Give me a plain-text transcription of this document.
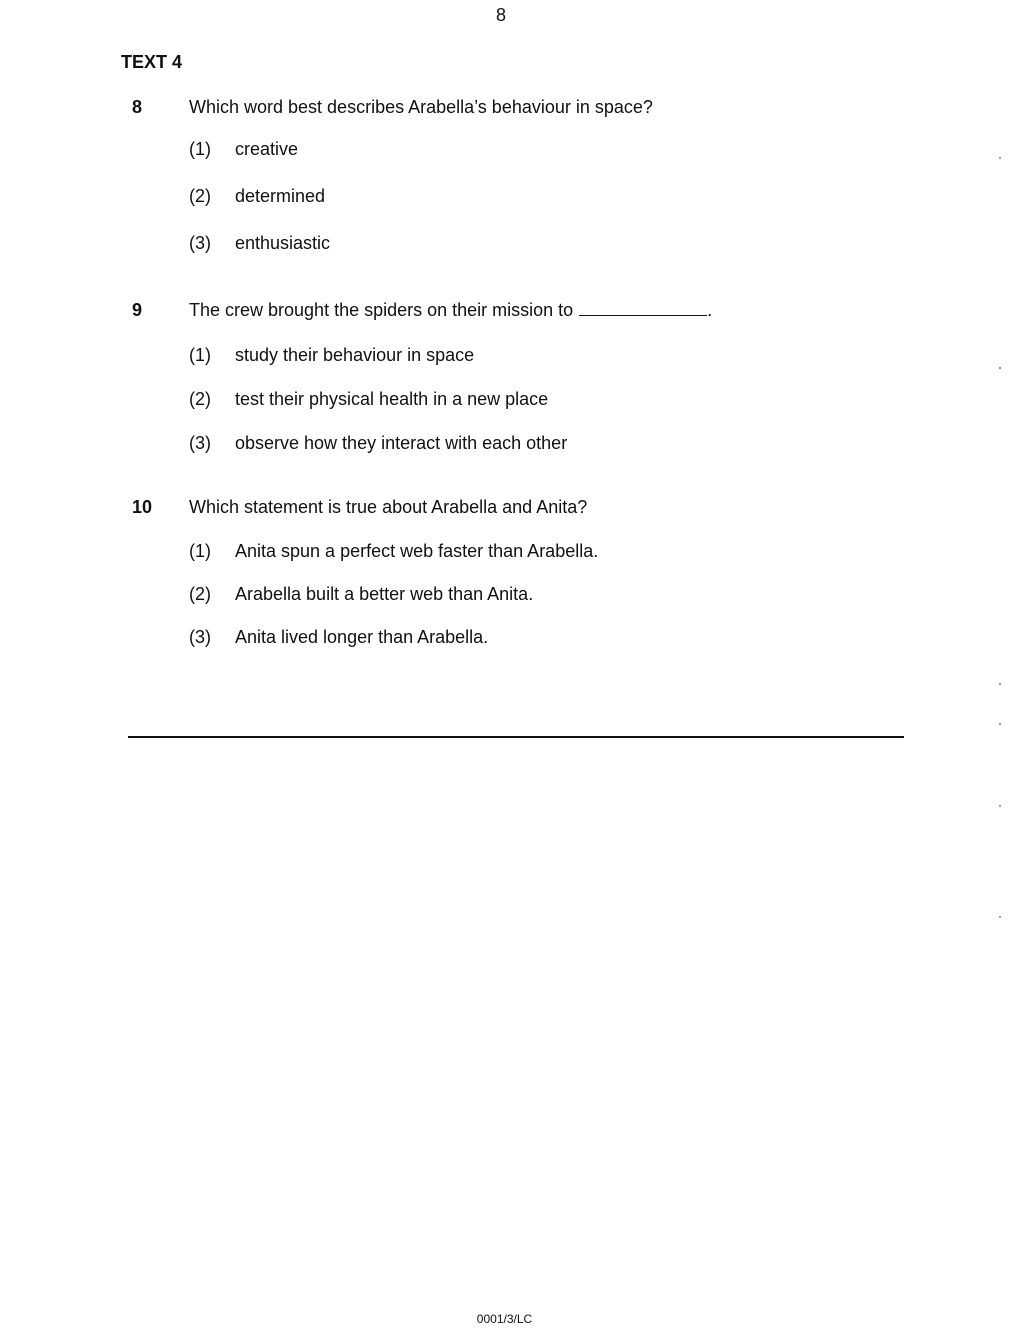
8
TEXT 4
8	Which word best describes Arabella’s behaviour in space?
(1) creative
(2) determined
(3) enthusiastic
9	The crew brought the spiders on their mission to	.
(1) study their behaviour in space
(2) test their physical health in a new place
(3) observe how they interact with each other
10 Which statement is true about Arabella and Anita?
(1) Anita spun a perfect web faster than Arabella.
(2) Arabella built a better web than Anita.
(3) Anita lived longer than Arabella.
0001/3/LC
